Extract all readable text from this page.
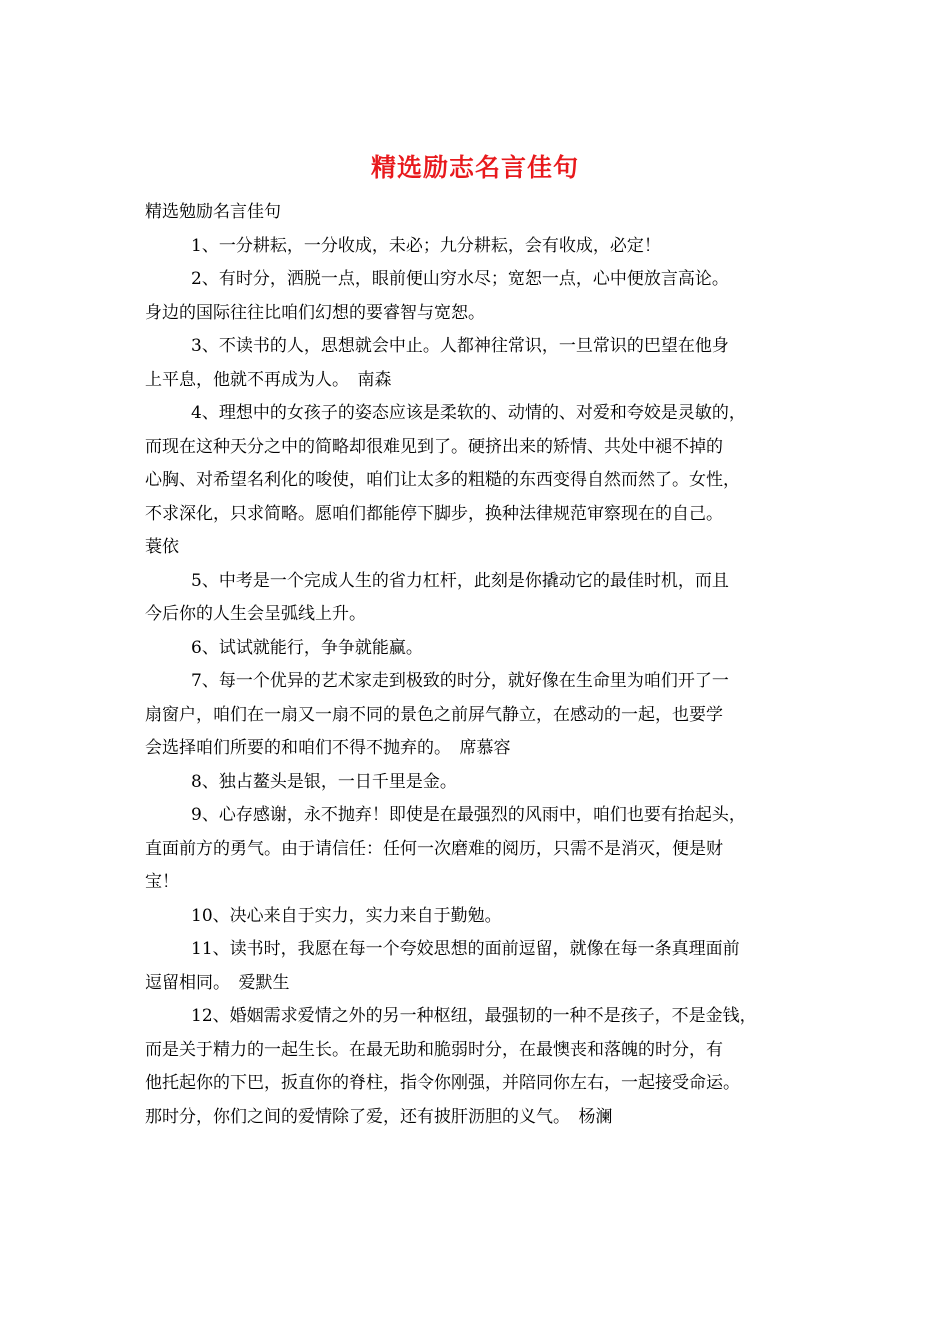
精选励志名言佳句

精选勉励名言佳句

1、一分耕耘，一分收成，未必；九分耕耘，会有收成，必定！

2、有时分，洒脱一点，眼前便山穷水尽；宽恕一点，心中便放言高论。
身边的国际往往比咱们幻想的要睿智与宽恕。

3、不读书的人，思想就会中止。人都神往常识，一旦常识的巴望在他身
上平息，他就不再成为人。　南森

4、理想中的女孩子的姿态应该是柔软的、动情的、对爱和夸姣是灵敏的，
而现在这种天分之中的简略却很难见到了。硬挤出来的矫情、共处中褪不掉的
心胸、对希望名利化的唆使，咱们让太多的粗糙的东西变得自然而然了。女性，
不求深化，只求简略。愿咱们都能停下脚步，换种法律规范审察现在的自己。
蓑依

5、中考是一个完成人生的省力杠杆，此刻是你撬动它的最佳时机，而且
今后你的人生会呈弧线上升。

6、试试就能行，争争就能赢。

7、每一个优异的艺术家走到极致的时分，就好像在生命里为咱们开了一
扇窗户，咱们在一扇又一扇不同的景色之前屏气静立，在感动的一起，也要学
会选择咱们所要的和咱们不得不抛弃的。　席慕容

8、独占鳌头是银，一日千里是金。

9、心存感谢，永不抛弃！即使是在最强烈的风雨中，咱们也要有抬起头，
直面前方的勇气。由于请信任：任何一次磨难的阅历，只需不是消灭，便是财
宝！

10、决心来自于实力，实力来自于勤勉。

11、读书时，我愿在每一个夸姣思想的面前逗留，就像在每一条真理面前
逗留相同。　爱默生

12、婚姻需求爱情之外的另一种枢纽，最强韧的一种不是孩子，不是金钱，
而是关于精力的一起生长。在最无助和脆弱时分，在最懊丧和落魄的时分，有
他托起你的下巴，扳直你的脊柱，指令你刚强，并陪同你左右，一起接受命运。
那时分，你们之间的爱情除了爱，还有披肝沥胆的义气。　杨澜
